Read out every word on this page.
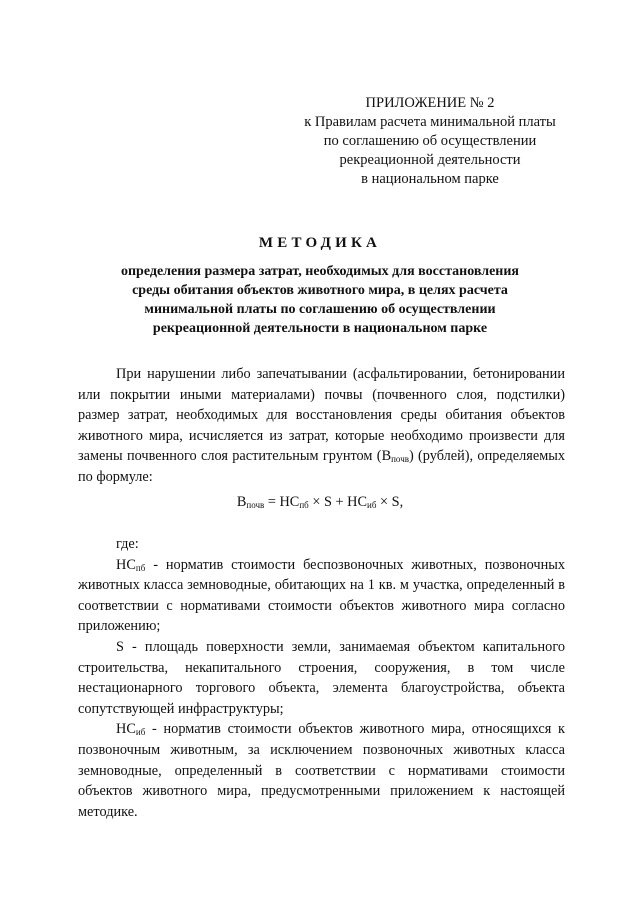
ПРИЛОЖЕНИЕ № 2
к Правилам расчета минимальной платы
по соглашению об осуществлении
рекреационной деятельности
в национальном парке
МЕТОДИКА
определения размера затрат, необходимых для восстановления
среды обитания объектов животного мира, в целях расчета
минимальной платы по соглашению об осуществлении
рекреационной деятельности в национальном парке

При нарушении либо запечатывании (асфальтировании, бетонировании или покрытии иными материалами) почвы (почвенного слоя, подстилки) размер затрат, необходимых для восстановления среды обитания объектов животного мира, исчисляется из затрат, которые необходимо произвести для замены почвенного слоя растительным грунтом $(В_{почв})$ (рублей), определяемых по формуле:

$В_{почв} = НС_{пб} \times S + НС_{иб} \times S$,

где:

$НС_{пб}$ - норматив стоимости беспозвоночных животных, позвоночных животных класса земноводные, обитающих на 1 кв. м участка, определенный в соответствии с нормативами стоимости объектов животного мира согласно приложению;

S - площадь поверхности земли, занимаемая объектом капитального строительства, некапитального строения, сооружения, в том числе нестационарного торгового объекта, элемента благоустройства, объекта сопутствующей инфраструктуры;

$НС_{иб}$ - норматив стоимости объектов животного мира, относящихся к позвоночным животным, за исключением позвоночных животных класса земноводные, определенный в соответствии с нормативами стоимости объектов животного мира, предусмотренными приложением к настоящей методике.
